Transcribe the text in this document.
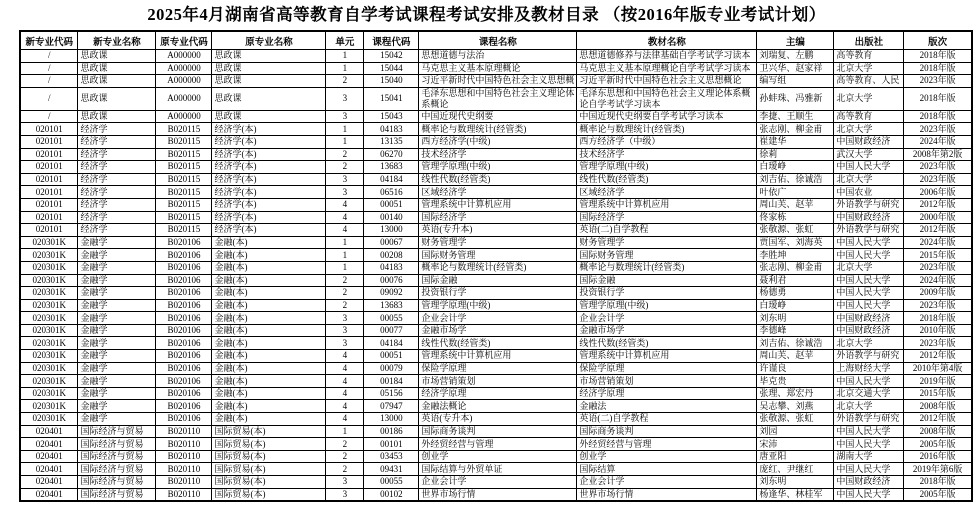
2025年4月湖南省高等教育自学考试课程考试安排及教材目录 （按2016年版专业考试计划）
新专业代码	新专业名称	原专业代码	原专业名称	单元	课程代码	课程名称	教材名称	主编	出版社	版次
/	思政课	A000000	思政课	1	15042	思想道德与法治	思想道德修养与法律基础自学考试学习读本	刘瑞复、左鹏	高等教育	2018年版
/	思政课	A000000	思政课	1	15044	马克思主义基本原理概论	马克思主义基本原理概论自学考试学习读本	卫兴华、赵家祥	北京大学	2018年版
/	思政课	A000000	思政课	2	15040	习近平新时代中国特色社会主义思想概	习近平新时代中国特色社会主义思想概论	编写组	高等教育、人民	2023年版
/	思政课	A000000	思政课	3	15041	毛泽东思想和中国特色社会主义理论体系概论	毛泽东思想和中国特色社会主义理论体系概论自学考试学习读本	孙蚌珠、冯雅新	北京大学	2018年版
/	思政课	A000000	思政课	3	15043	中国近现代史纲要	中国近现代史纲要自学考试学习读本	李捷、王顺生	高等教育	2018年版
020101	经济学	B020115	经济学(本)	1	04183	概率论与数理统计(经管类)	概率论与数理统计(经管类)	张志刚、柳金甫	北京大学	2023年版
020101	经济学	B020115	经济学(本)	1	13135	西方经济学(中级)	西方经济学（中级）	崔建华	中国财政经济	2024年版
020101	经济学	B020115	经济学(本)	2	06270	技术经济学	技术经济学	徐莉	武汉大学	2008年第2版
020101	经济学	B020115	经济学(本)	2	13683	管理学原理(中级)	管理学原理(中级)	白瑷峥	中国人民大学	2023年版
020101	经济学	B020115	经济学(本)	3	04184	线性代数(经管类)	线性代数(经管类)	刘吉佑、徐诚浩	北京大学	2023年版
020101	经济学	B020115	经济学(本)	3	06516	区域经济学	区域经济学	叶依广	中国农业	2006年版
020101	经济学	B020115	经济学(本)	4	00051	管理系统中计算机应用	管理系统中计算机应用	周山芙、赵苹	外语教学与研究	2012年版
020101	经济学	B020115	经济学(本)	4	00140	国际经济学	国际经济学	佟家栋	中国财政经济	2000年版
020101	经济学	B020115	经济学(本)	4	13000	英语(专升本)	英语(二)自学教程	张敬源、张虹	外语教学与研究	2012年版
020301K	金融学	B020106	金融(本)	1	00067	财务管理学	财务管理学	贾国军、刘海英	中国人民大学	2024年版
020301K	金融学	B020106	金融(本)	1	00208	国际财务管理	国际财务管理	李胜坤	中国人民大学	2015年版
020301K	金融学	B020106	金融(本)	1	04183	概率论与数理统计(经管类)	概率论与数理统计(经管类)	张志刚、柳金甫	北京大学	2023年版
020301K	金融学	B020106	金融(本)	2	00076	国际金融	国际金融	聂利君	中国人民大学	2024年版
020301K	金融学	B020106	金融(本)	2	09092	投资银行学	投资银行学	杨德勇	中国人民大学	2009年版
020301K	金融学	B020106	金融(本)	2	13683	管理学原理(中级)	管理学原理(中级)	白瑷峥	中国人民大学	2023年版
020301K	金融学	B020106	金融(本)	3	00055	企业会计学	企业会计学	刘东明	中国财政经济	2018年版
020301K	金融学	B020106	金融(本)	3	00077	金融市场学	金融市场学	李德峰	中国财政经济	2010年版
020301K	金融学	B020106	金融(本)	3	04184	线性代数(经管类)	线性代数(经管类)	刘吉佑、徐诚浩	北京大学	2023年版
020301K	金融学	B020106	金融(本)	4	00051	管理系统中计算机应用	管理系统中计算机应用	周山芙、赵苹	外语教学与研究	2012年版
020301K	金融学	B020106	金融(本)	4	00079	保险学原理	保险学原理	许谨良	上海财经大学	2010年第4版
020301K	金融学	B020106	金融(本)	4	00184	市场营销策划	市场营销策划	毕克贵	中国人民大学	2019年版
020301K	金融学	B020106	金融(本)	4	05156	经济学原理	经济学原理	张理、郑宏丹	北京交通大学	2015年版
020301K	金融学	B020106	金融(本)	4	07947	金融法概论	金融法	吴志攀、刘燕	北京大学	2008年版
020301K	金融学	B020106	金融(本)	4	13000	英语(专升本)	英语(二)自学教程	张敬源、张虹	外语教学与研究	2012年版
020401	国际经济与贸易	B020110	国际贸易(本)	1	00186	国际商务谈判	国际商务谈判	刘园	中国人民大学	2008年版
020401	国际经济与贸易	B020110	国际贸易(本)	2	00101	外经贸经营与管理	外经贸经营与管理	宋沛	中国人民大学	2005年版
020401	国际经济与贸易	B020110	国际贸易(本)	2	03453	创业学	创业学	唐亚阳	湖南大学	2016年版
020401	国际经济与贸易	B020110	国际贸易(本)	2	09431	国际结算与外贸单证	国际结算	庞红、尹继红	中国人民大学	2019年第6版
020401	国际经济与贸易	B020110	国际贸易(本)	3	00055	企业会计学	企业会计学	刘东明	中国财政经济	2018年版
020401	国际经济与贸易	B020110	国际贸易(本)	3	00102	世界市场行情	世界市场行情	杨逢华、林桂军	中国人民大学	2005年版
